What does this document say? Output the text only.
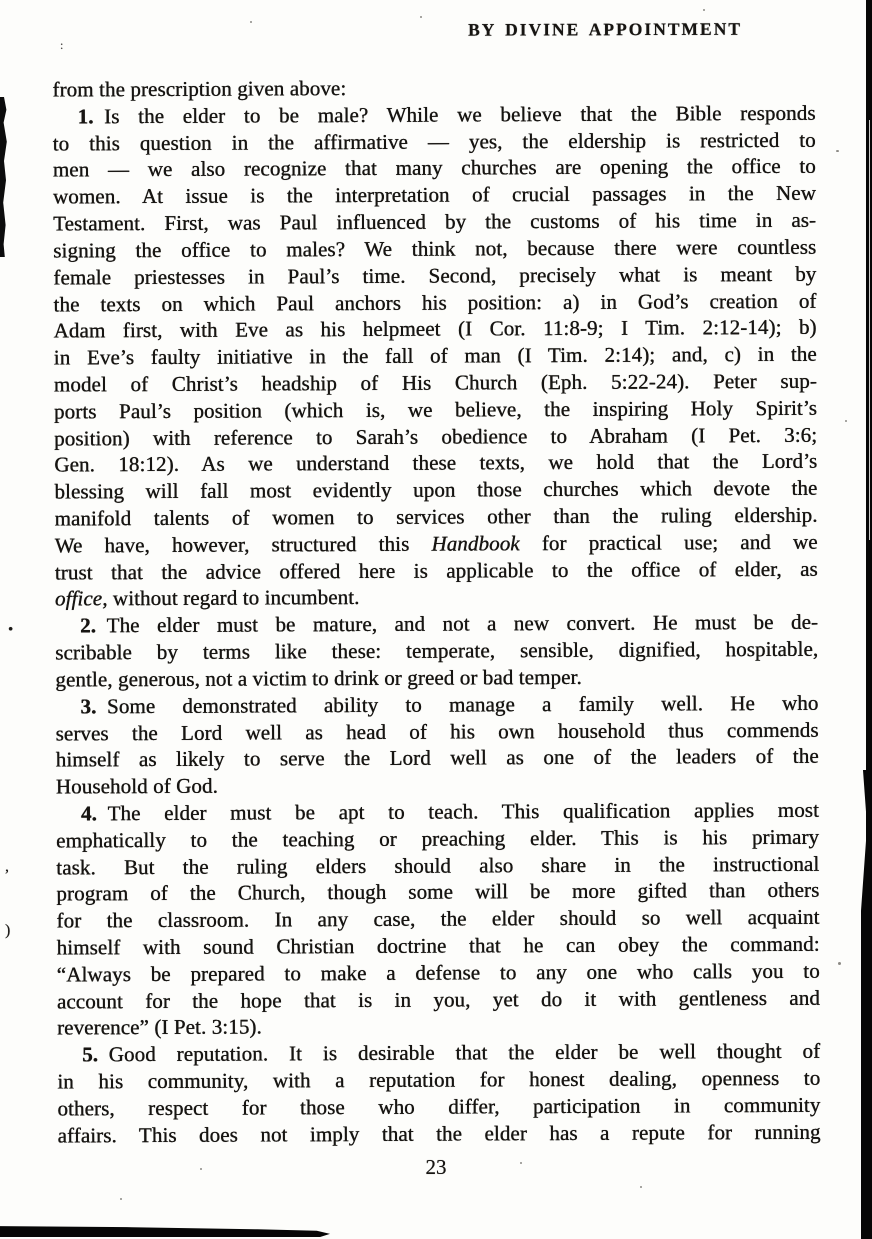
BY DIVINE APPOINTMENT
from the prescription given above:
1. Is the elder to be male? While we believe that the Bible responds
to this question in the affirmative — yes, the eldership is restricted to
men — we also recognize that many churches are opening the office to
women. At issue is the interpretation of crucial passages in the New
Testament. First, was Paul influenced by the customs of his time in as-
signing the office to males? We think not, because there were countless
female priestesses in Paul’s time. Second, precisely what is meant by
the texts on which Paul anchors his position: a) in God’s creation of
Adam first, with Eve as his helpmeet (I Cor. 11:8-9; I Tim. 2:12-14); b)
in Eve’s faulty initiative in the fall of man (I Tim. 2:14); and, c) in the
model of Christ’s headship of His Church (Eph. 5:22-24). Peter sup-
ports Paul’s position (which is, we believe, the inspiring Holy Spirit’s
position) with reference to Sarah’s obedience to Abraham (I Pet. 3:6;
Gen. 18:12). As we understand these texts, we hold that the Lord’s
blessing will fall most evidently upon those churches which devote the
manifold talents of women to services other than the ruling eldership.
We have, however, structured this Handbook for practical use; and we
trust that the advice offered here is applicable to the office of elder, as
office, without regard to incumbent.
2. The elder must be mature, and not a new convert. He must be de-
scribable by terms like these: temperate, sensible, dignified, hospitable,
gentle, generous, not a victim to drink or greed or bad temper.
3. Some demonstrated ability to manage a family well. He who
serves the Lord well as head of his own household thus commends
himself as likely to serve the Lord well as one of the leaders of the
Household of God.
4. The elder must be apt to teach. This qualification applies most
emphatically to the teaching or preaching elder. This is his primary
task. But the ruling elders should also share in the instructional
program of the Church, though some will be more gifted than others
for the classroom. In any case, the elder should so well acquaint
himself with sound Christian doctrine that he can obey the command:
“Always be prepared to make a defense to any one who calls you to
account for the hope that is in you, yet do it with gentleness and
reverence” (I Pet. 3:15).
5. Good reputation. It is desirable that the elder be well thought of
in his community, with a reputation for honest dealing, openness to
others, respect for those who differ, participation in community
affairs. This does not imply that the elder has a repute for running
23
:
•
,
)
